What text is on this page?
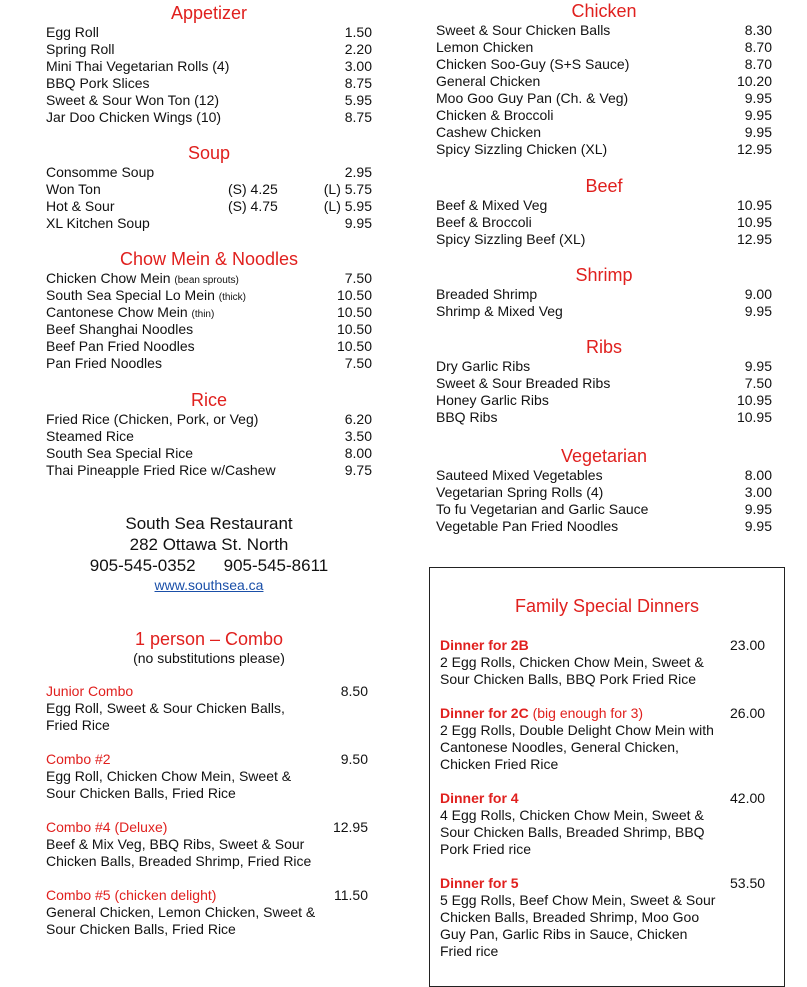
Appetizer
Egg Roll	1.50
Spring Roll	2.20
Mini Thai Vegetarian Rolls (4)	3.00
BBQ Pork Slices	8.75
Sweet & Sour Won Ton (12)	5.95
Jar Doo Chicken Wings (10)	8.75
Soup
Consomme Soup	2.95
Won Ton	(S) 4.25	(L) 5.75
Hot & Sour	(S) 4.75	(L) 5.95
XL Kitchen Soup	9.95
Chow Mein & Noodles
Chicken Chow Mein (bean sprouts)	7.50
South Sea Special Lo Mein (thick)	10.50
Cantonese Chow Mein (thin)	10.50
Beef Shanghai Noodles	10.50
Beef Pan Fried Noodles	10.50
Pan Fried Noodles	7.50
Rice
Fried Rice (Chicken, Pork, or Veg)	6.20
Steamed Rice	3.50
South Sea Special Rice	8.00
Thai Pineapple Fried Rice w/Cashew	9.75
South Sea Restaurant
282 Ottawa St. North
905-545-0352 905-545-8611
www.southsea.ca
1 person – Combo
(no substitutions please)
Junior Combo	8.50
Egg Roll, Sweet & Sour Chicken Balls, Fried Rice
Combo #2	9.50
Egg Roll, Chicken Chow Mein, Sweet & Sour Chicken Balls, Fried Rice
Combo #4 (Deluxe)	12.95
Beef & Mix Veg, BBQ Ribs, Sweet & Sour Chicken Balls, Breaded Shrimp, Fried Rice
Combo #5 (chicken delight)	11.50
General Chicken, Lemon Chicken, Sweet & Sour Chicken Balls, Fried Rice
Chicken
Sweet & Sour Chicken Balls	8.30
Lemon Chicken	8.70
Chicken Soo-Guy (S+S Sauce)	8.70
General Chicken	10.20
Moo Goo Guy Pan (Ch. & Veg)	9.95
Chicken & Broccoli	9.95
Cashew Chicken	9.95
Spicy Sizzling Chicken (XL)	12.95
Beef
Beef & Mixed Veg	10.95
Beef & Broccoli	10.95
Spicy Sizzling Beef (XL)	12.95
Shrimp
Breaded Shrimp	9.00
Shrimp & Mixed Veg	9.95
Ribs
Dry Garlic Ribs	9.95
Sweet & Sour Breaded Ribs	7.50
Honey Garlic Ribs	10.95
BBQ Ribs	10.95
Vegetarian
Sauteed Mixed Vegetables	8.00
Vegetarian Spring Rolls (4)	3.00
To fu Vegetarian and Garlic Sauce	9.95
Vegetable Pan Fried Noodles	9.95
Family Special Dinners
Dinner for 2B	23.00
2 Egg Rolls, Chicken Chow Mein, Sweet & Sour Chicken Balls, BBQ Pork Fried Rice
Dinner for 2C (big enough for 3)	26.00
2 Egg Rolls, Double Delight Chow Mein with Cantonese Noodles, General Chicken, Chicken Fried Rice
Dinner for 4	42.00
4 Egg Rolls, Chicken Chow Mein, Sweet & Sour Chicken Balls, Breaded Shrimp, BBQ Pork Fried rice
Dinner for 5	53.50
5 Egg Rolls, Beef Chow Mein, Sweet & Sour Chicken Balls, Breaded Shrimp, Moo Goo Guy Pan, Garlic Ribs in Sauce, Chicken Fried rice
